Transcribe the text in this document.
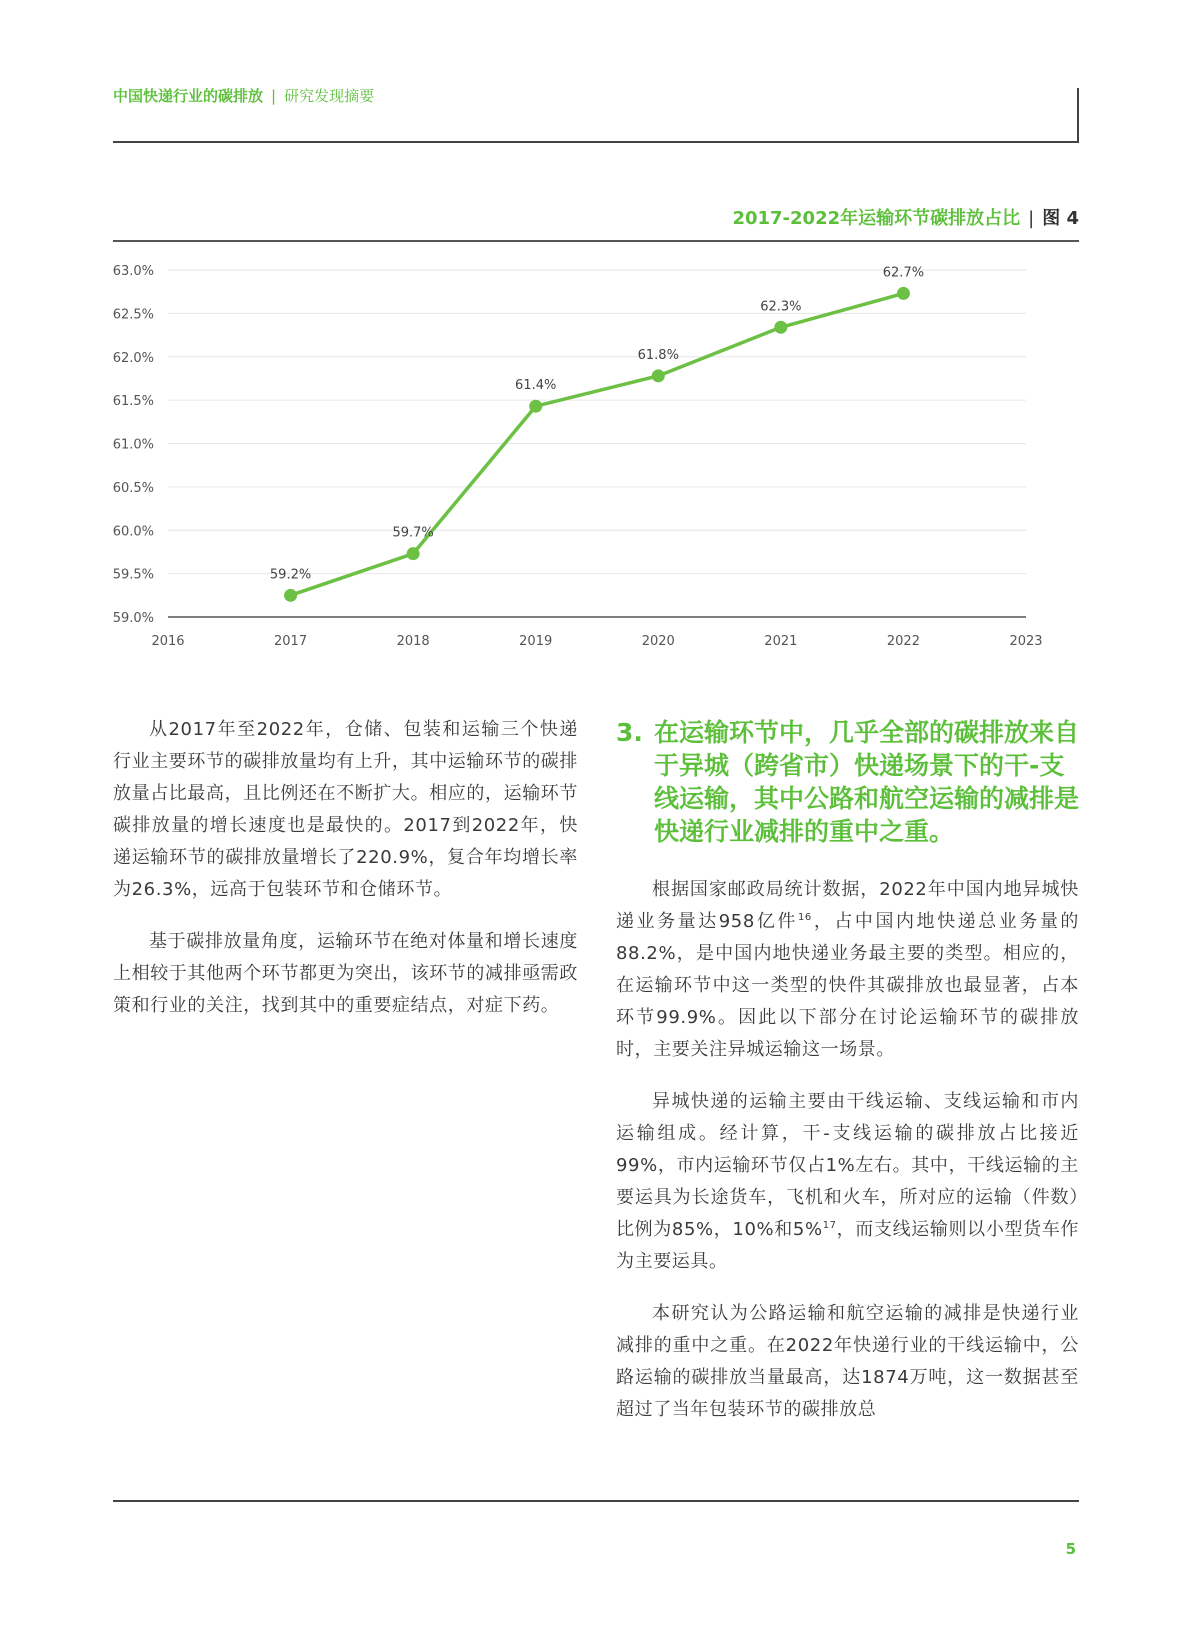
中国快递行业的碳排放 | 研究发现摘要
2017-2022年运输环节碳排放占比 | 图 4
59.0%
59.5%
60.0%
60.5%
61.0%
61.5%
62.0%
62.5%
63.0%
2016	2017	2018	2019	2020	2021	2022	2023
59.2%
59.7%
61.4%
61.8%
62.3%
62.7%

从2017年至2022年，仓储、包装和运输三个快递行业主要环节的碳排放量均有上升，其中运输环节的碳排放量占比最高，且比例还在不断扩大。相应的，运输环节碳排放量的增长速度也是最快的。2017到2022年，快递运输环节的碳排放量增长了220.9%，复合年均增长率为26.3%，远高于包装环节和仓储环节。

基于碳排放量角度，运输环节在绝对体量和增长速度上相较于其他两个环节都更为突出，该环节的减排亟需政策和行业的关注，找到其中的重要症结点，对症下药。

3. 在运输环节中，几乎全部的碳排放来自于异城（跨省市）快递场景下的干-支线运输，其中公路和航空运输的减排是快递行业减排的重中之重。

根据国家邮政局统计数据，2022年中国内地异城快递业务量达958亿件$^{16}$，占中国内地快递总业务量的88.2%，是中国内地快递业务最主要的类型。相应的，在运输环节中这一类型的快件其碳排放也最显著，占本环节99.9%。因此以下部分在讨论运输环节的碳排放时，主要关注异城运输这一场景。

异城快递的运输主要由干线运输、支线运输和市内运输组成。经计算，干-支线运输的碳排放占比接近99%，市内运输环节仅占1%左右。其中，干线运输的主要运具为长途货车，飞机和火车，所对应的运输（件数）比例为85%，10%和5%$^{17}$，而支线运输则以小型货车作为主要运具。

本研究认为公路运输和航空运输的减排是快递行业减排的重中之重。在2022年快递行业的干线运输中，公路运输的碳排放当量最高，达1874万吨，这一数据甚至超过了当年包装环节的碳排放总

5
